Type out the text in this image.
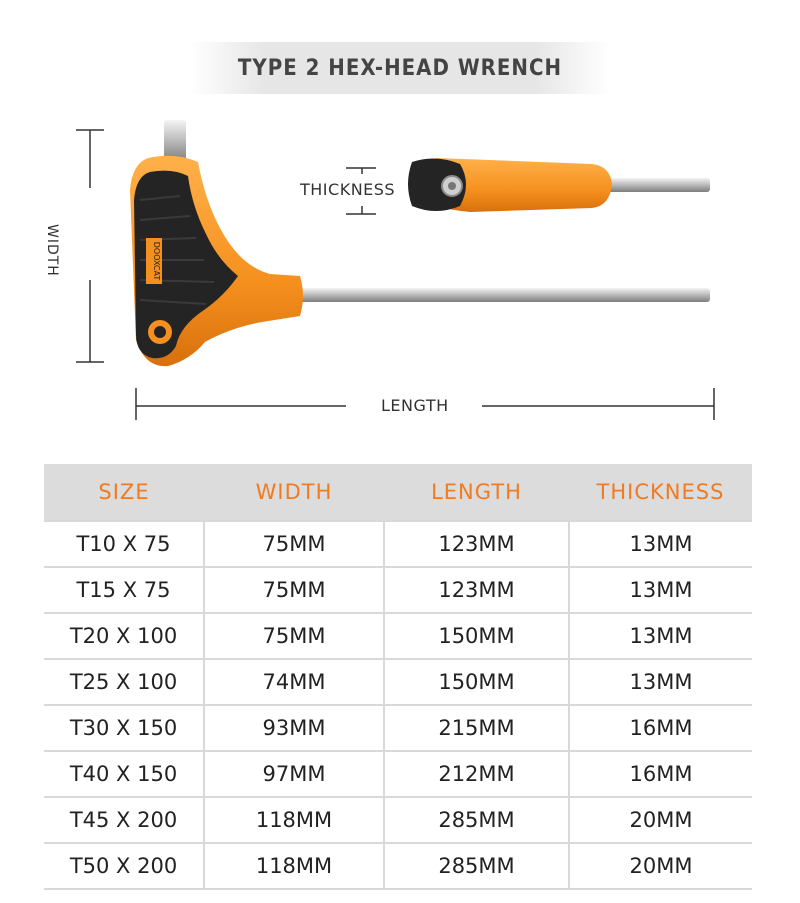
TYPE 2 HEX-HEAD WRENCH
DOOXCAT
THICKNESS
LENGTH
WIDTH
SIZE	WIDTH	LENGTH	THICKNESS
T10 X 75	75MM	123MM	13MM
T15 X 75	75MM	123MM	13MM
T20 X 100	75MM	150MM	13MM
T25 X 100	74MM	150MM	13MM
T30 X 150	93MM	215MM	16MM
T40 X 150	97MM	212MM	16MM
T45 X 200	118MM	285MM	20MM
T50 X 200	118MM	285MM	20MM
